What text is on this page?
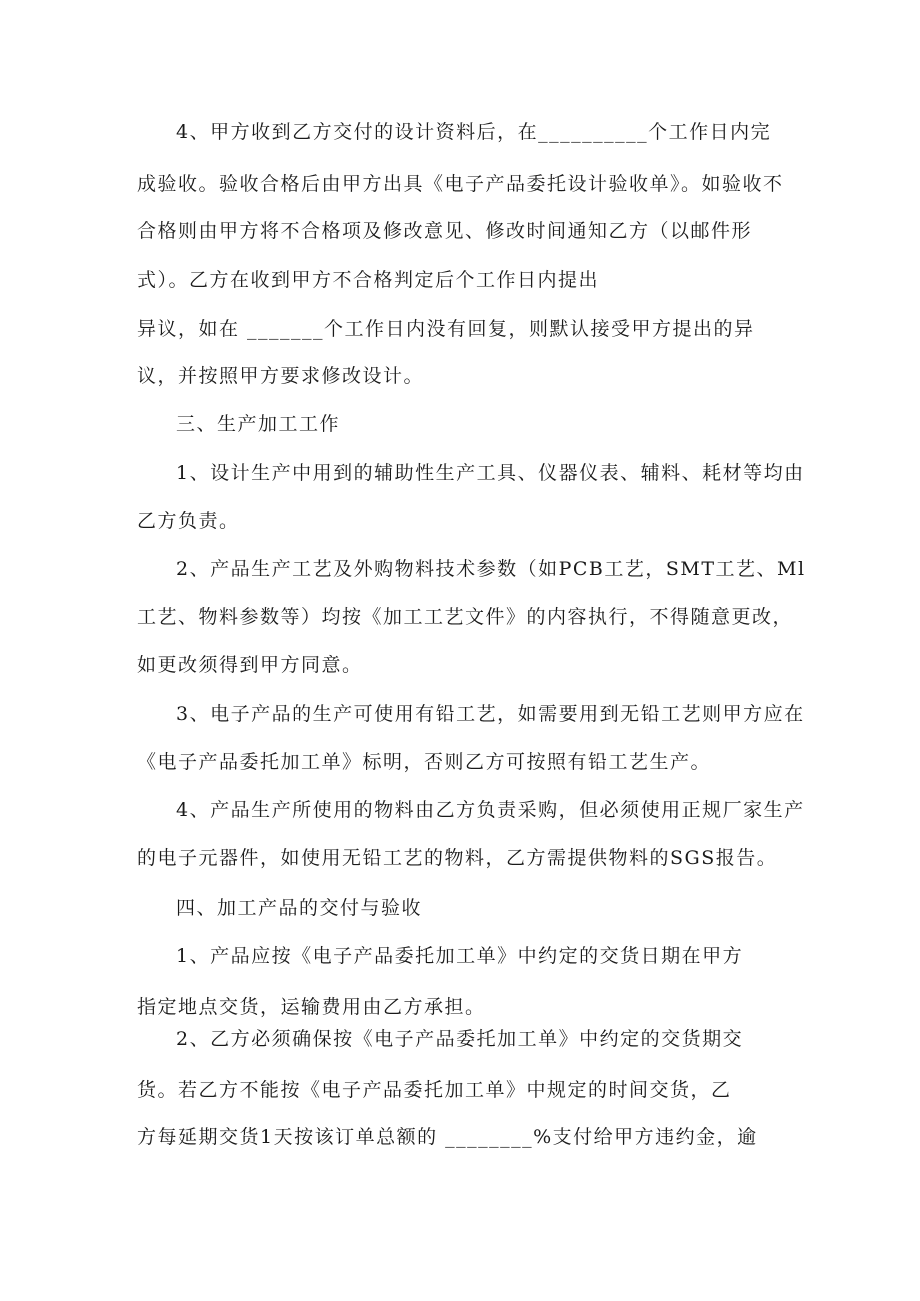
4、甲方收到乙方交付的设计资料后，在__________个工作日内完
成验收。验收合格后由甲方出具《电子产品委托设计验收单》。如验收不
合格则由甲方将不合格项及修改意见、修改时间通知乙方（以邮件形
式）。乙方在收到甲方不合格判定后个工作日内提出
异议，如在 _______个工作日内没有回复，则默认接受甲方提出的异
议，并按照甲方要求修改设计。
三、生产加工工作
1、设计生产中用到的辅助性生产工具、仪器仪表、辅料、耗材等均由
乙方负责。
2、产品生产工艺及外购物料技术参数（如PCB工艺，SMT工艺、Ml
工艺、物料参数等）均按《加工工艺文件》的内容执行，不得随意更改，
如更改须得到甲方同意。
3、电子产品的生产可使用有铅工艺，如需要用到无铅工艺则甲方应在
《电子产品委托加工单》标明，否则乙方可按照有铅工艺生产。
4、产品生产所使用的物料由乙方负责采购，但必须使用正规厂家生产
的电子元器件，如使用无铅工艺的物料，乙方需提供物料的SGS报告。
四、加工产品的交付与验收
1、产品应按《电子产品委托加工单》中约定的交货日期在甲方
指定地点交货，运输费用由乙方承担。
2、乙方必须确保按《电子产品委托加工单》中约定的交货期交
货。若乙方不能按《电子产品委托加工单》中规定的时间交货，乙
方每延期交货1天按该订单总额的 ________%支付给甲方违约金，逾
